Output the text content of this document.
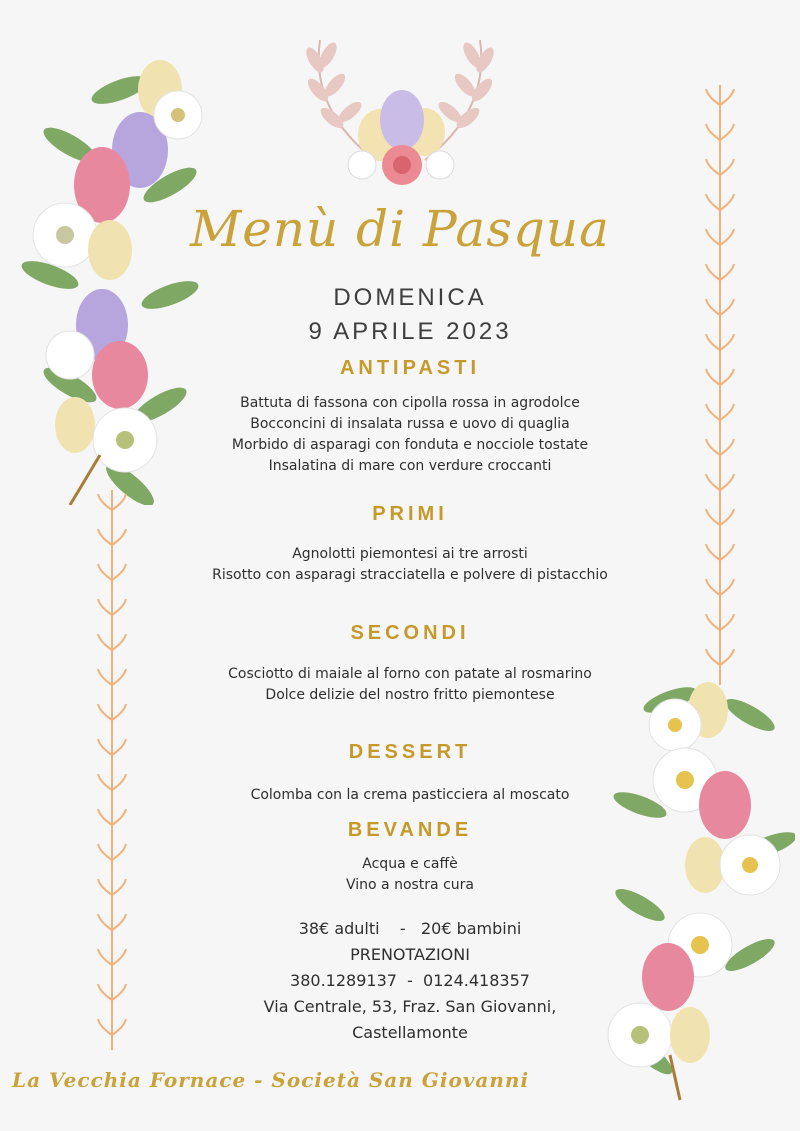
Menù di Pasqua
DOMENICA
9 APRILE 2023
ANTIPASTI
Battuta di fassona con cipolla rossa in agrodolce
Bocconcini di insalata russa e uovo di quaglia
Morbido di asparagi con fonduta e nocciole tostate
Insalatina di mare con verdure croccanti
PRIMI
Agnolotti piemontesi ai tre arrosti
Risotto con asparagi stracciatella e polvere di pistacchio
SECONDI
Cosciotto di maiale al forno con patate al rosmarino
Dolce delizie del nostro fritto piemontese
DESSERT
Colomba con la crema pasticciera al moscato
BEVANDE
Acqua e caffè
Vino a nostra cura
38€ adulti    -   20€ bambini
PRENOTAZIONI
380.1289137  -  0124.418357
Via Centrale, 53, Fraz. San Giovanni,
Castellamonte
La Vecchia Fornace - Società San Giovanni
